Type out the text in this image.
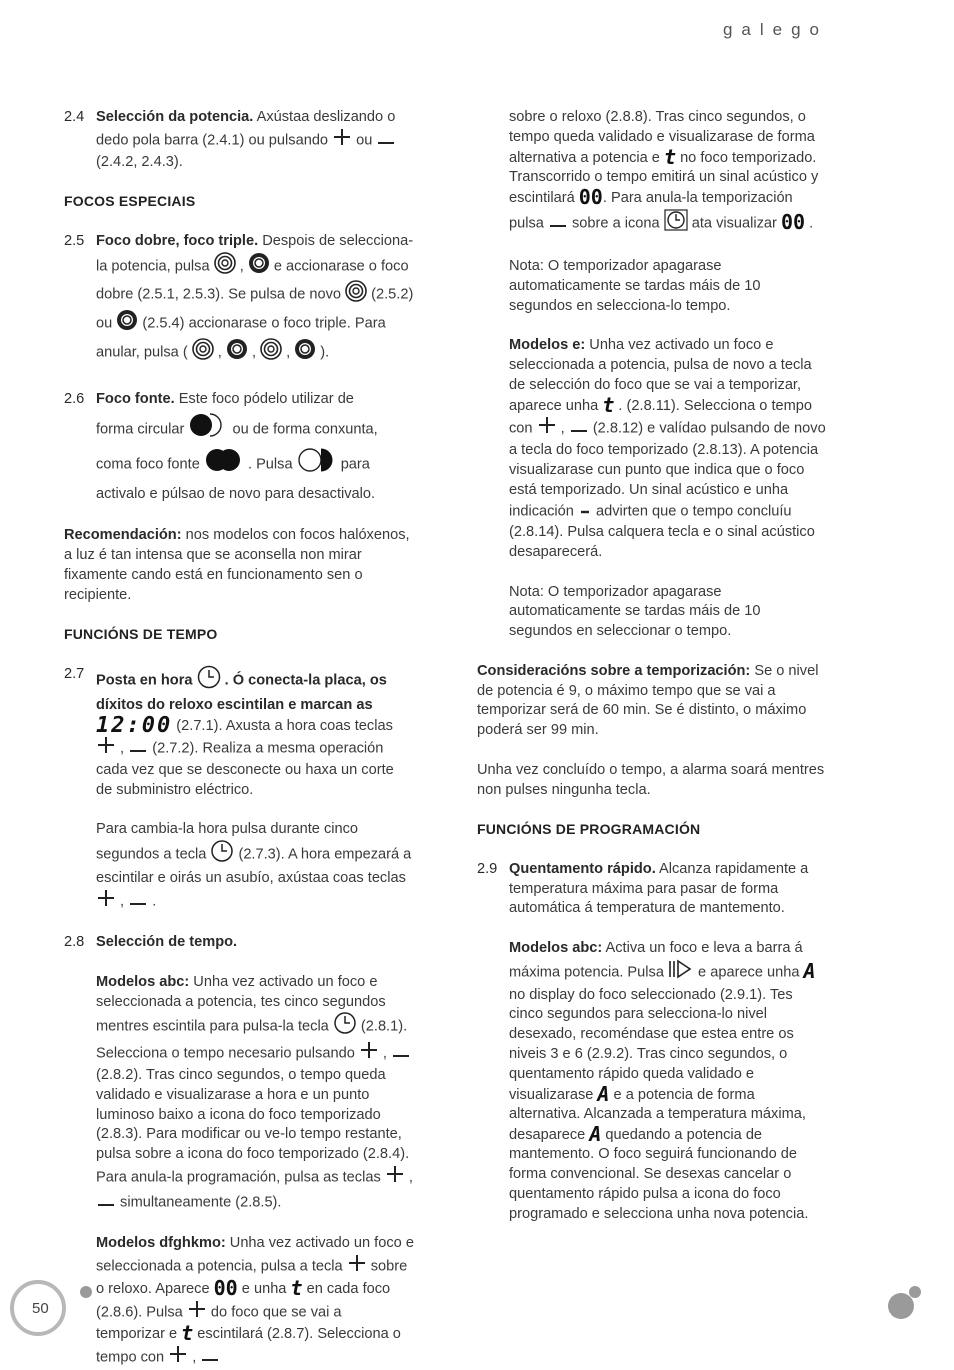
galego
2.4 Selección da potencia. Axústaa deslizando o dedo pola barra (2.4.1) ou pulsando  ou  (2.4.2, 2.4.3).

FOCOS ESPECIAIS

2.5 Foco dobre, foco triple. Despois de selecciona-la potencia, pulsa  ,  e accionarase o foco dobre (2.5.1, 2.5.3). Se pulsa de novo  (2.5.2) ou  (2.5.4) accionarase o foco triple. Para anular, pulsa (  ,  ,  ,  ).

2.6 Foco fonte. Este foco pódelo utilizar de
forma circular	ou de forma conxunta,
coma foco fonte	. Pulsa	para
activalo e púlsao de novo para desactivalo.

Recomendación: nos modelos con focos halóxenos, a luz é tan intensa que se aconsella non mirar fixamente cando está en funcionamento sen o recipiente.

FUNCIÓNS DE TEMPO

2.7 Posta en hora  . Ó conecta-la placa, os díxitos do reloxo escintilan e marcan as 12:00 (2.7.1). Axusta a hora coas teclas  ,  (2.7.2). Realiza a mesma operación cada vez que se desconecte ou haxa un corte de subministro eléctrico.

Para cambia-la hora pulsa durante cinco segundos a tecla  (2.7.3). A hora empezará a escintilar e oirás un asubío, axústaa coas teclas  ,  .

2.8 Selección de tempo.

Modelos abc: Unha vez activado un foco e seleccionada a potencia, tes cinco segundos mentres escintila para pulsa-la tecla  (2.8.1). Selecciona o tempo necesario pulsando  ,  (2.8.2). Tras cinco segundos, o tempo queda validado e visualizarase a hora e un punto luminoso baixo a icona do foco temporizado (2.8.3). Para modificar ou ve-lo tempo restante, pulsa sobre a icona do foco temporizado (2.8.4). Para anula-la programación, pulsa as teclas  ,  simultaneamente (2.8.5).

Modelos dfghkmo: Unha vez activado un foco e seleccionada a potencia, pulsa a tecla  sobre o reloxo. Aparece 00 e unha t en cada foco (2.8.6). Pulsa  do foco que se vai a temporizar e t escintilará (2.8.7). Selecciona o tempo con  ,

sobre o reloxo (2.8.8). Tras cinco segundos, o tempo queda validado e visualizarase de forma alternativa a potencia e t no foco temporizado. Transcorrido o tempo emitirá un sinal acústico y escintilará 00. Para anula-la temporización pulsa  sobre a icona  ata visualizar 00 .

Nota: O temporizador apagarase automaticamente se tardas máis de 10 segundos en selecciona-lo tempo.

Modelos e: Unha vez activado un foco e seleccionada a potencia, pulsa de novo a tecla de selección do foco que se vai a temporizar, aparece unha t . (2.8.11). Selecciona o tempo con  ,  (2.8.12) e valídao pulsando de novo a tecla do foco temporizado (2.8.13). A potencia visualizarase cun punto que indica que o foco está temporizado. Un sinal acústico e unha indicación  advirten que o tempo concluíu (2.8.14). Pulsa calquera tecla e o sinal acústico desaparecerá.

Nota: O temporizador apagarase automaticamente se tardas máis de 10 segundos en seleccionar o tempo.

Consideracións sobre a temporización: Se o nivel de potencia é 9, o máximo tempo que se vai a temporizar será de 60 min. Se é distinto, o máximo poderá ser 99 min.

Unha vez concluído o tempo, a alarma soará mentres non pulses ningunha tecla.

FUNCIÓNS DE PROGRAMACIÓN

2.9 Quentamento rápido. Alcanza rapidamente a temperatura máxima para pasar de forma automática á temperatura de mantemento.

Modelos abc: Activa un foco e leva a barra á máxima potencia. Pulsa  e aparece unha A no display do foco seleccionado (2.9.1). Tes cinco segundos para selecciona-lo nivel desexado, recoméndase que estea entre os niveis 3 e 6 (2.9.2). Tras cinco segundos, o quentamento rápido queda validado e visualizarase A e a potencia de forma alternativa. Alcanzada a temperatura máxima, desaparece A quedando a potencia de mantemento. O foco seguirá funcionando de forma convencional. Se desexas cancelar o quentamento rápido pulsa a icona do foco programado e selecciona unha nova potencia.

50
